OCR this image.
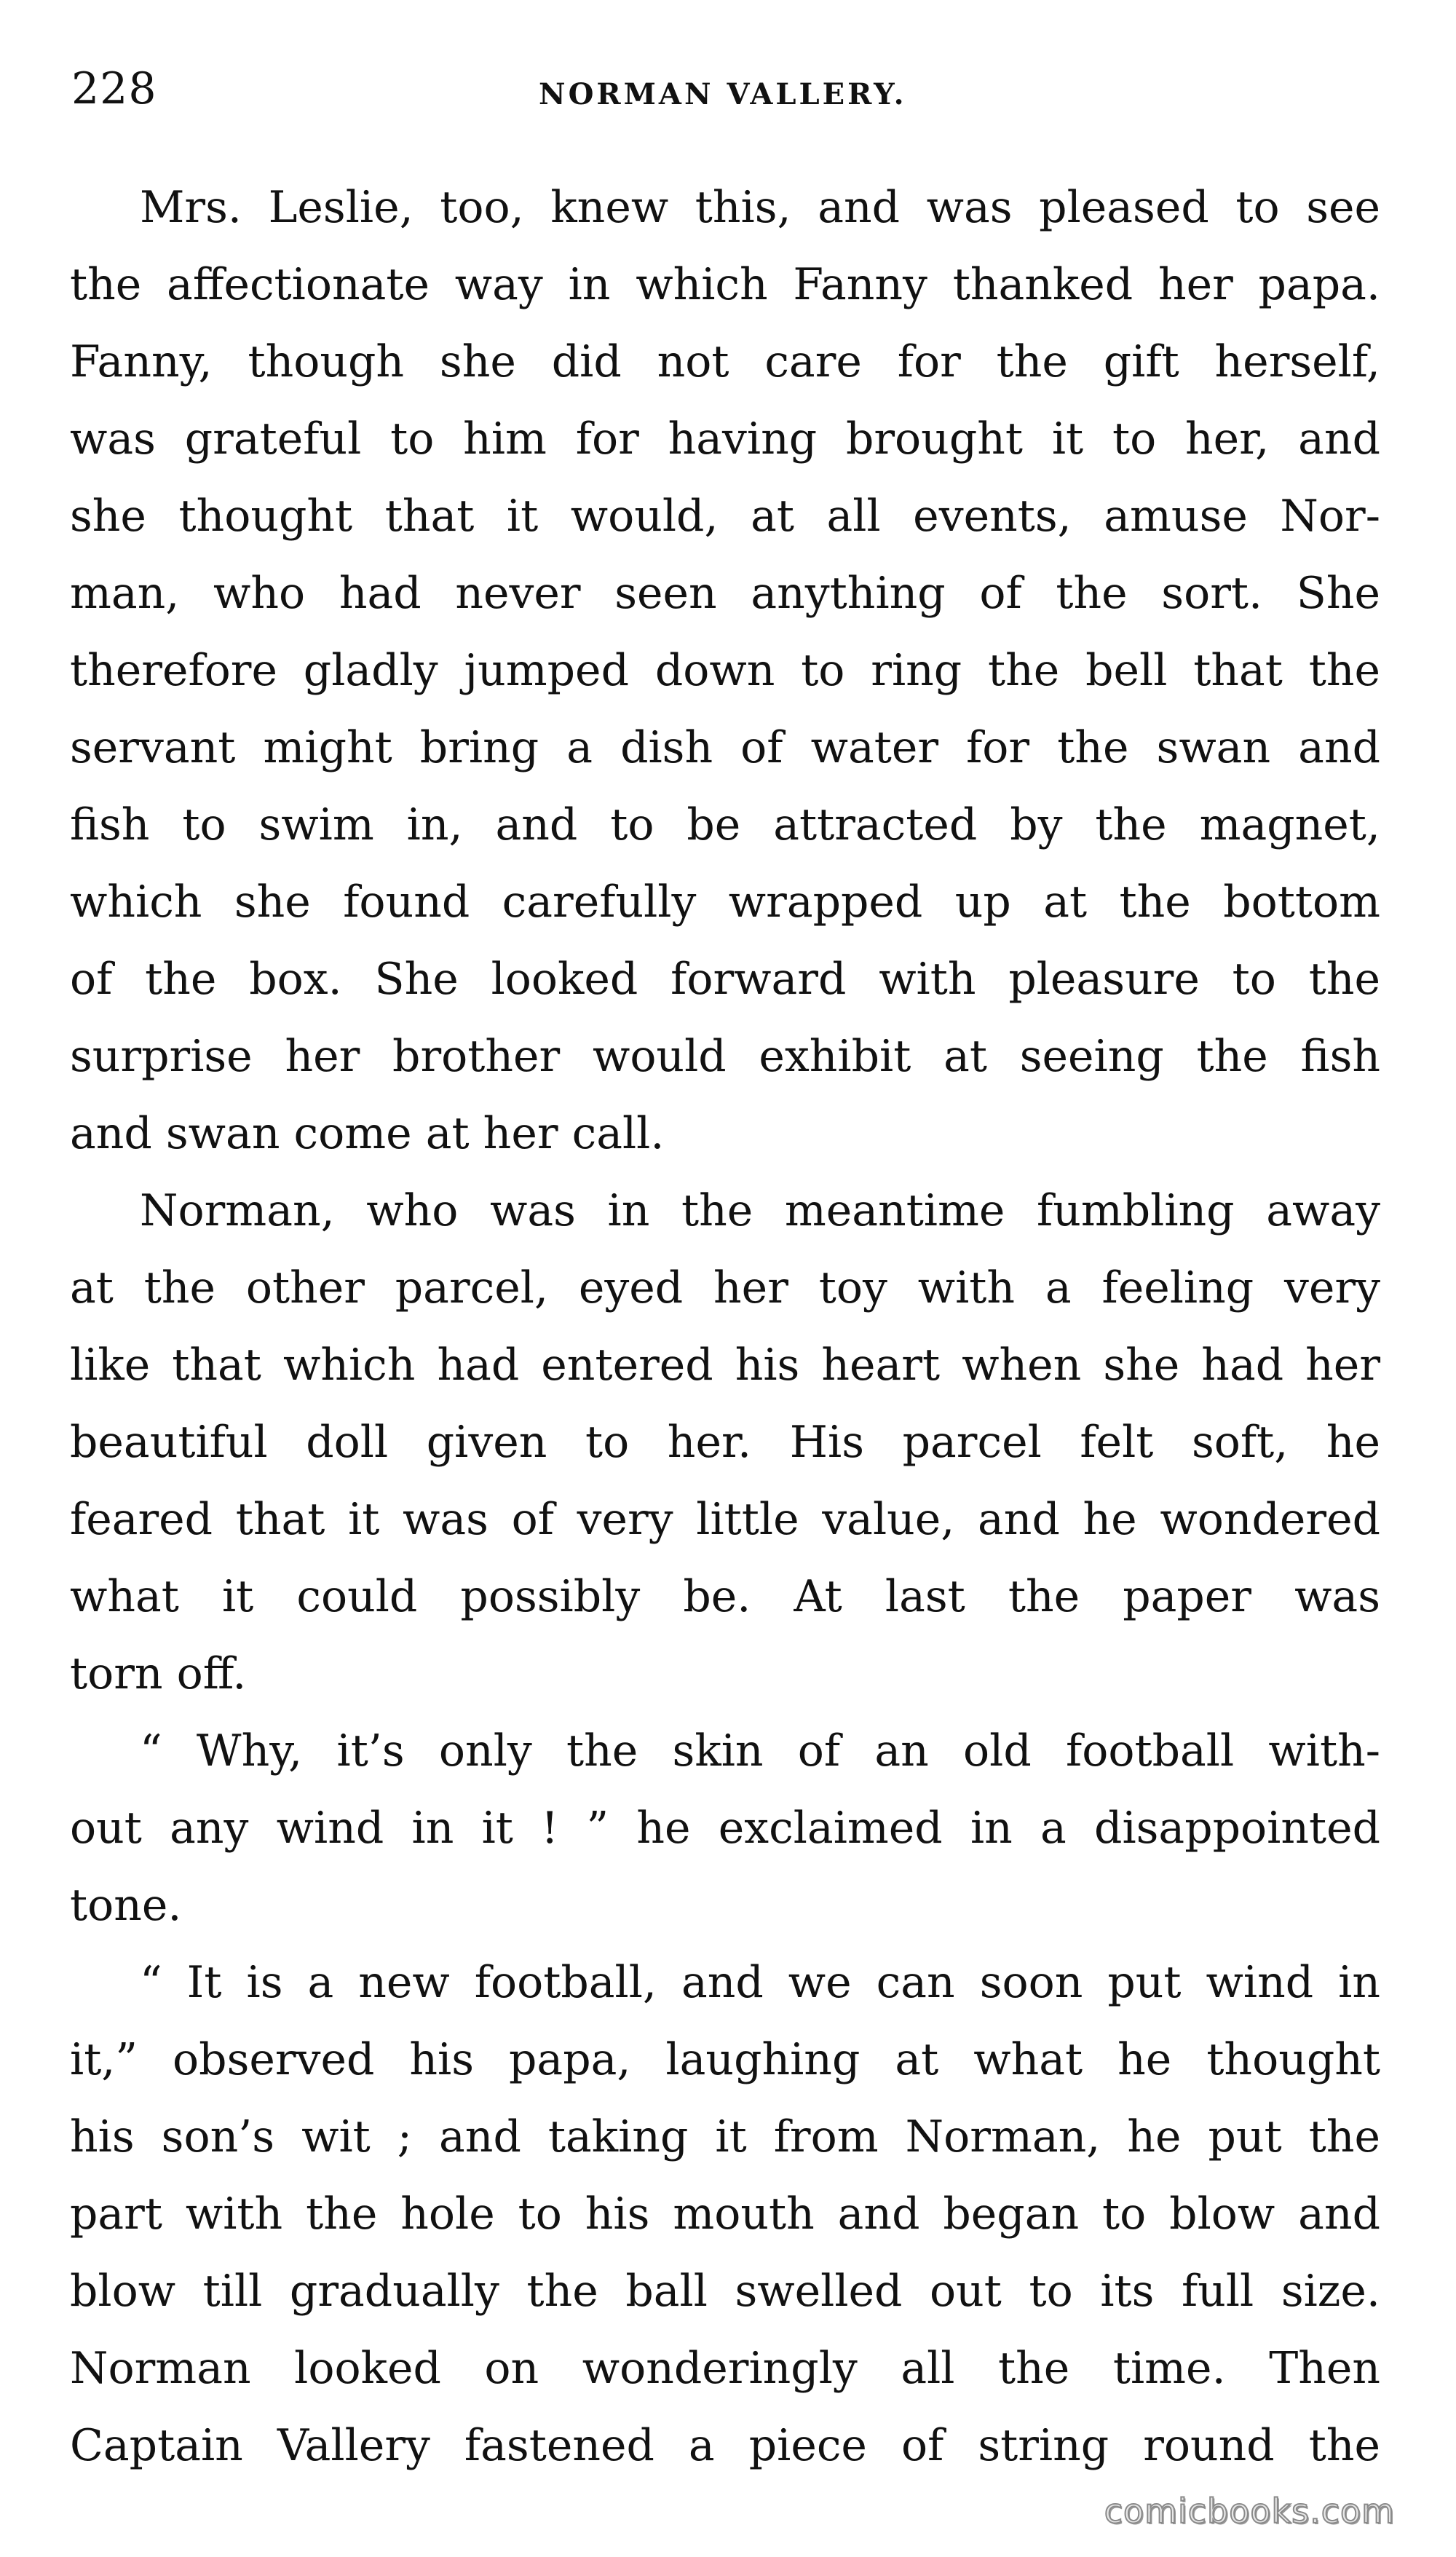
228	NORMAN VALLERY.

Mrs. Leslie, too, knew this, and was pleased to see
the affectionate way in which Fanny thanked her papa.
Fanny, though she did not care for the gift herself,
was grateful to him for having brought it to her, and
she thought that it would, at all events, amuse Nor-
man, who had never seen anything of the sort. She
therefore gladly jumped down to ring the bell that the
servant might bring a dish of water for the swan and
fish to swim in, and to be attracted by the magnet,
which she found carefully wrapped up at the bottom
of the box. She looked forward with pleasure to the
surprise her brother would exhibit at seeing the fish
and swan come at her call.

Norman, who was in the meantime fumbling away
at the other parcel, eyed her toy with a feeling very
like that which had entered his heart when she had her
beautiful doll given to her. His parcel felt soft, he
feared that it was of very little value, and he wondered
what it could possibly be. At last the paper was
torn off.

“ Why, it’s only the skin of an old football with-
out any wind in it ! ” he exclaimed in a disappointed
tone.

“ It is a new football, and we can soon put wind in
it,” observed his papa, laughing at what he thought
his son’s wit ; and taking it from Norman, he put the
part with the hole to his mouth and began to blow and
blow till gradually the ball swelled out to its full size.
Norman looked on wonderingly all the time. Then
Captain Vallery fastened a piece of string round the

comicbooks.com
